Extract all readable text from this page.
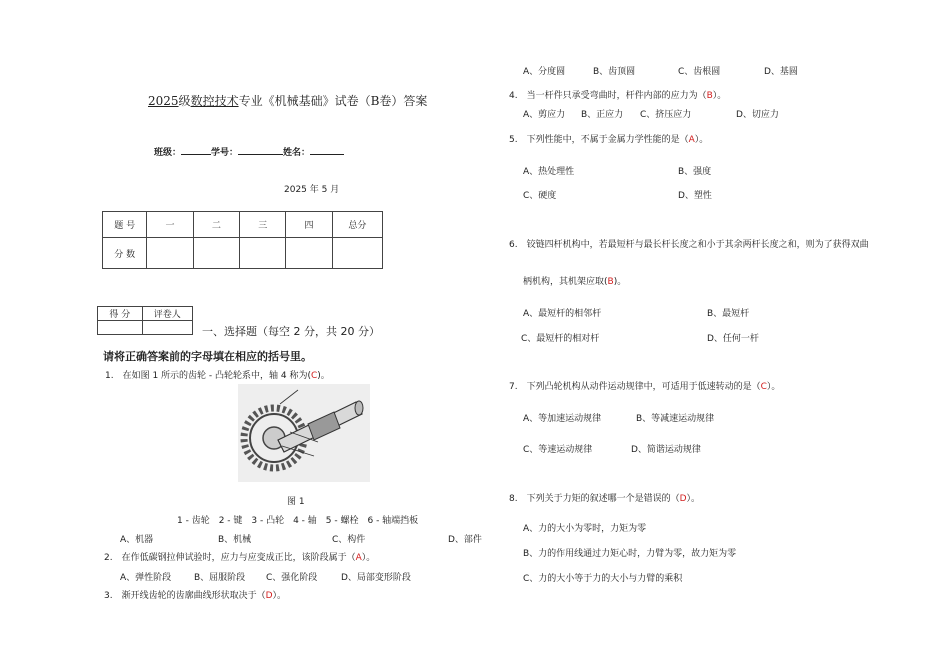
2025级数控技术专业《机械基础》试卷（B卷）答案
班级：	学号：	姓名：
2025 年 5 月
题 号	一	二	三	四	总分
分 数					
得 分	评卷人

一、选择题（每空 2 分，共 20 分）
请将正确答案前的字母填在相应的括号里。
1.　在如图 1 所示的齿轮 - 凸轮轮系中，轴 4 称为(C)。
图 1
1 - 齿轮　2 - 键　3 - 凸轮　4 - 轴　5 - 螺栓　6 - 轴端挡板
A、机器	B、机械	C、构件	D、部件
2.　在作低碳钢拉伸试验时，应力与应变成正比，该阶段属于（A）。
A、弹性阶段	B、屈服阶段 C、强化阶段	D、局部变形阶段
3.　渐开线齿轮的齿廓曲线形状取决于（D）。
A、分度圆	B、齿顶圆	C、齿根圆	D、基圆
4.　当一杆件只承受弯曲时，杆件内部的应力为（B）。
A、剪应力 B、正应力 C、挤压应力	D、切应力
5.　下列性能中，不属于金属力学性能的是（A）。
A、热处理性	B、强度
C、硬度	D、塑性
6.　铰链四杆机构中，若最短杆与最长杆长度之和小于其余两杆长度之和，则为了获得双曲
柄机构，其机架应取(B)。
A、最短杆的相邻杆	B、最短杆
C、最短杆的相对杆	D、任何一杆
7.　下列凸轮机构从动件运动规律中，可适用于低速转动的是（C）。
A、等加速运动规律	B、等减速运动规律
C、等速运动规律	D、简谐运动规律
8.　下列关于力矩的叙述哪一个是错误的（D）。
A、力的大小为零时，力矩为零
B、力的作用线通过力矩心时，力臂为零，故力矩为零
C、力的大小等于力的大小与力臂的乘积
